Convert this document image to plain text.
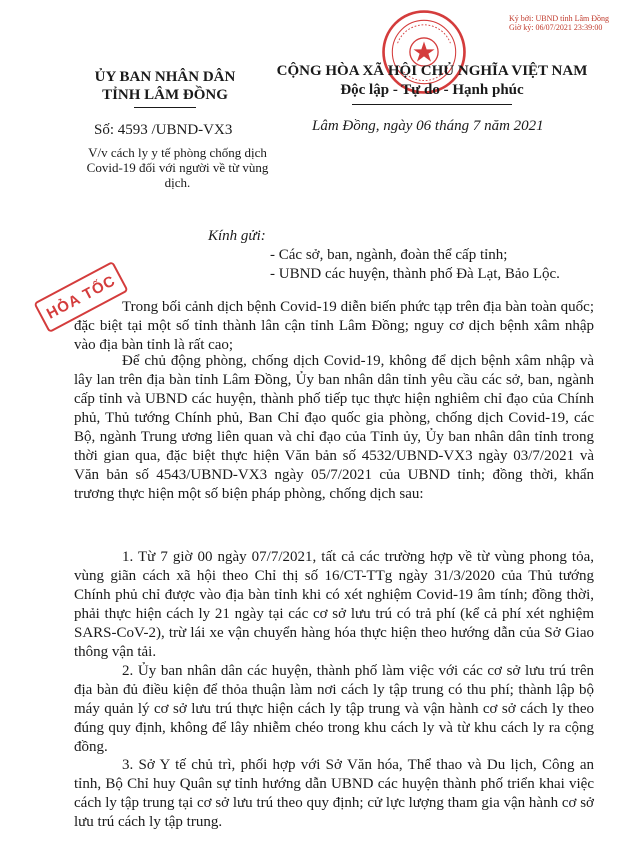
Ký bởi: UBND tỉnh Lâm Đồng
Giờ ký: 06/07/2021 23:39:00
ỦY BAN NHÂN DÂN
TỈNH LÂM ĐỒNG
CỘNG HÒA XÃ HỘI CHỦ NGHĨA VIỆT NAM
Độc lập - Tự do - Hạnh phúc
Số: 4593 /UBND-VX3	Lâm Đồng, ngày 06 tháng 7 năm 2021
V/v cách ly y tế phòng chống dịch Covid-19 đối với người về từ vùng dịch.
Kính gửi:
- Các sở, ban, ngành, đoàn thể cấp tỉnh;
- UBND các huyện, thành phố Đà Lạt, Bảo Lộc.
HỎA TỐC Trong bối cảnh dịch bệnh Covid-19 diễn biến phức tạp trên địa bàn toàn quốc; đặc biệt tại một số tỉnh thành lân cận tỉnh Lâm Đồng; nguy cơ dịch bệnh xâm nhập vào địa bàn tỉnh là rất cao;

Để chủ động phòng, chống dịch Covid-19, không để dịch bệnh xâm nhập và lây lan trên địa bàn tỉnh Lâm Đồng, Ủy ban nhân dân tỉnh yêu cầu các sở, ban, ngành cấp tỉnh và UBND các huyện, thành phố tiếp tục thực hiện nghiêm chỉ đạo của Chính phủ, Thủ tướng Chính phủ, Ban Chỉ đạo quốc gia phòng, chống dịch Covid-19, các Bộ, ngành Trung ương liên quan và chỉ đạo của Tỉnh ủy, Ủy ban nhân dân tỉnh trong thời gian qua, đặc biệt thực hiện Văn bản số 4532/UBND-VX3 ngày 03/7/2021 và Văn bản số 4543/UBND-VX3 ngày 05/7/2021 của UBND tỉnh; đồng thời, khẩn trương thực hiện một số biện pháp phòng, chống dịch sau:

1. Từ 7 giờ 00 ngày 07/7/2021, tất cả các trường hợp về từ vùng phong tỏa, vùng giãn cách xã hội theo Chỉ thị số 16/CT-TTg ngày 31/3/2020 của Thủ tướng Chính phủ chỉ được vào địa bàn tỉnh khi có xét nghiệm Covid-19 âm tính; đồng thời, phải thực hiện cách ly 21 ngày tại các cơ sở lưu trú có trả phí (kể cả phí xét nghiệm SARS-CoV-2), trừ lái xe vận chuyển hàng hóa thực hiện theo hướng dẫn của Sở Giao thông vận tải.

2. Ủy ban nhân dân các huyện, thành phố làm việc với các cơ sở lưu trú trên địa bàn đủ điều kiện để thỏa thuận làm nơi cách ly tập trung có thu phí; thành lập bộ máy quản lý cơ sở lưu trú thực hiện cách ly tập trung và vận hành cơ sở cách ly theo đúng quy định, không để lây nhiễm chéo trong khu cách ly và từ khu cách ly ra cộng đồng.

3. Sở Y tế chủ trì, phối hợp với Sở Văn hóa, Thể thao và Du lịch, Công an tỉnh, Bộ Chỉ huy Quân sự tỉnh hướng dẫn UBND các huyện thành phố triển khai việc cách ly tập trung tại cơ sở lưu trú theo quy định; cử lực lượng tham gia vận hành cơ sở lưu trú cách ly tập trung.
